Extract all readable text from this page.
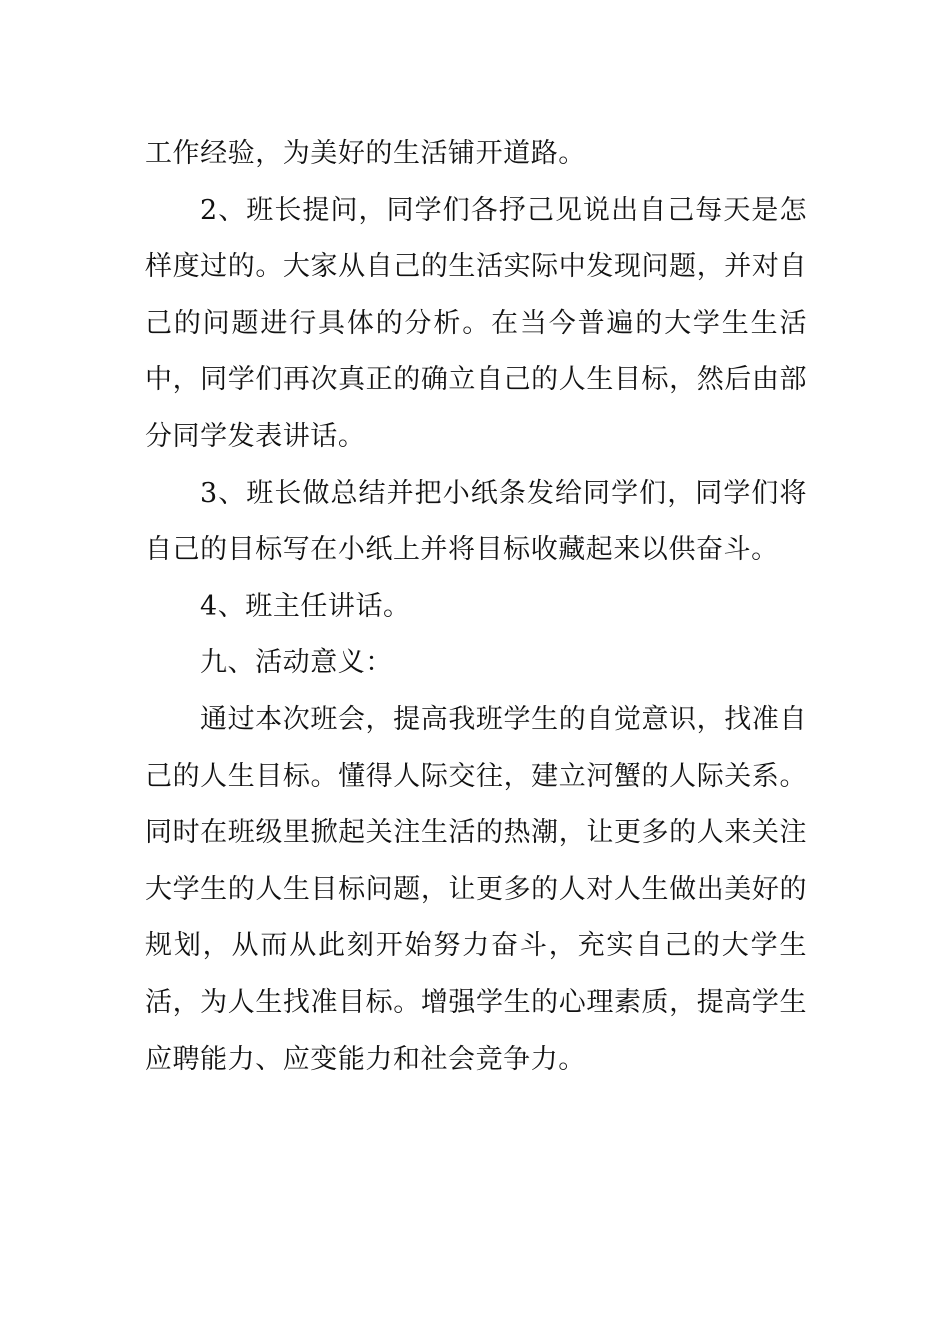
工作经验，为美好的生活铺开道路。

2、班长提问，同学们各抒己见说出自己每天是怎样度过的。大家从自己的生活实际中发现问题，并对自己的问题进行具体的分析。在当今普遍的大学生生活中，同学们再次真正的确立自己的人生目标，然后由部分同学发表讲话。

3、班长做总结并把小纸条发给同学们，同学们将自己的目标写在小纸上并将目标收藏起来以供奋斗。

4、班主任讲话。

九、活动意义：

通过本次班会，提高我班学生的自觉意识，找准自己的人生目标。懂得人际交往，建立河蟹的人际关系。同时在班级里掀起关注生活的热潮，让更多的人来关注大学生的人生目标问题，让更多的人对人生做出美好的规划，从而从此刻开始努力奋斗，充实自己的大学生活，为人生找准目标。增强学生的心理素质，提高学生应聘能力、应变能力和社会竞争力。
